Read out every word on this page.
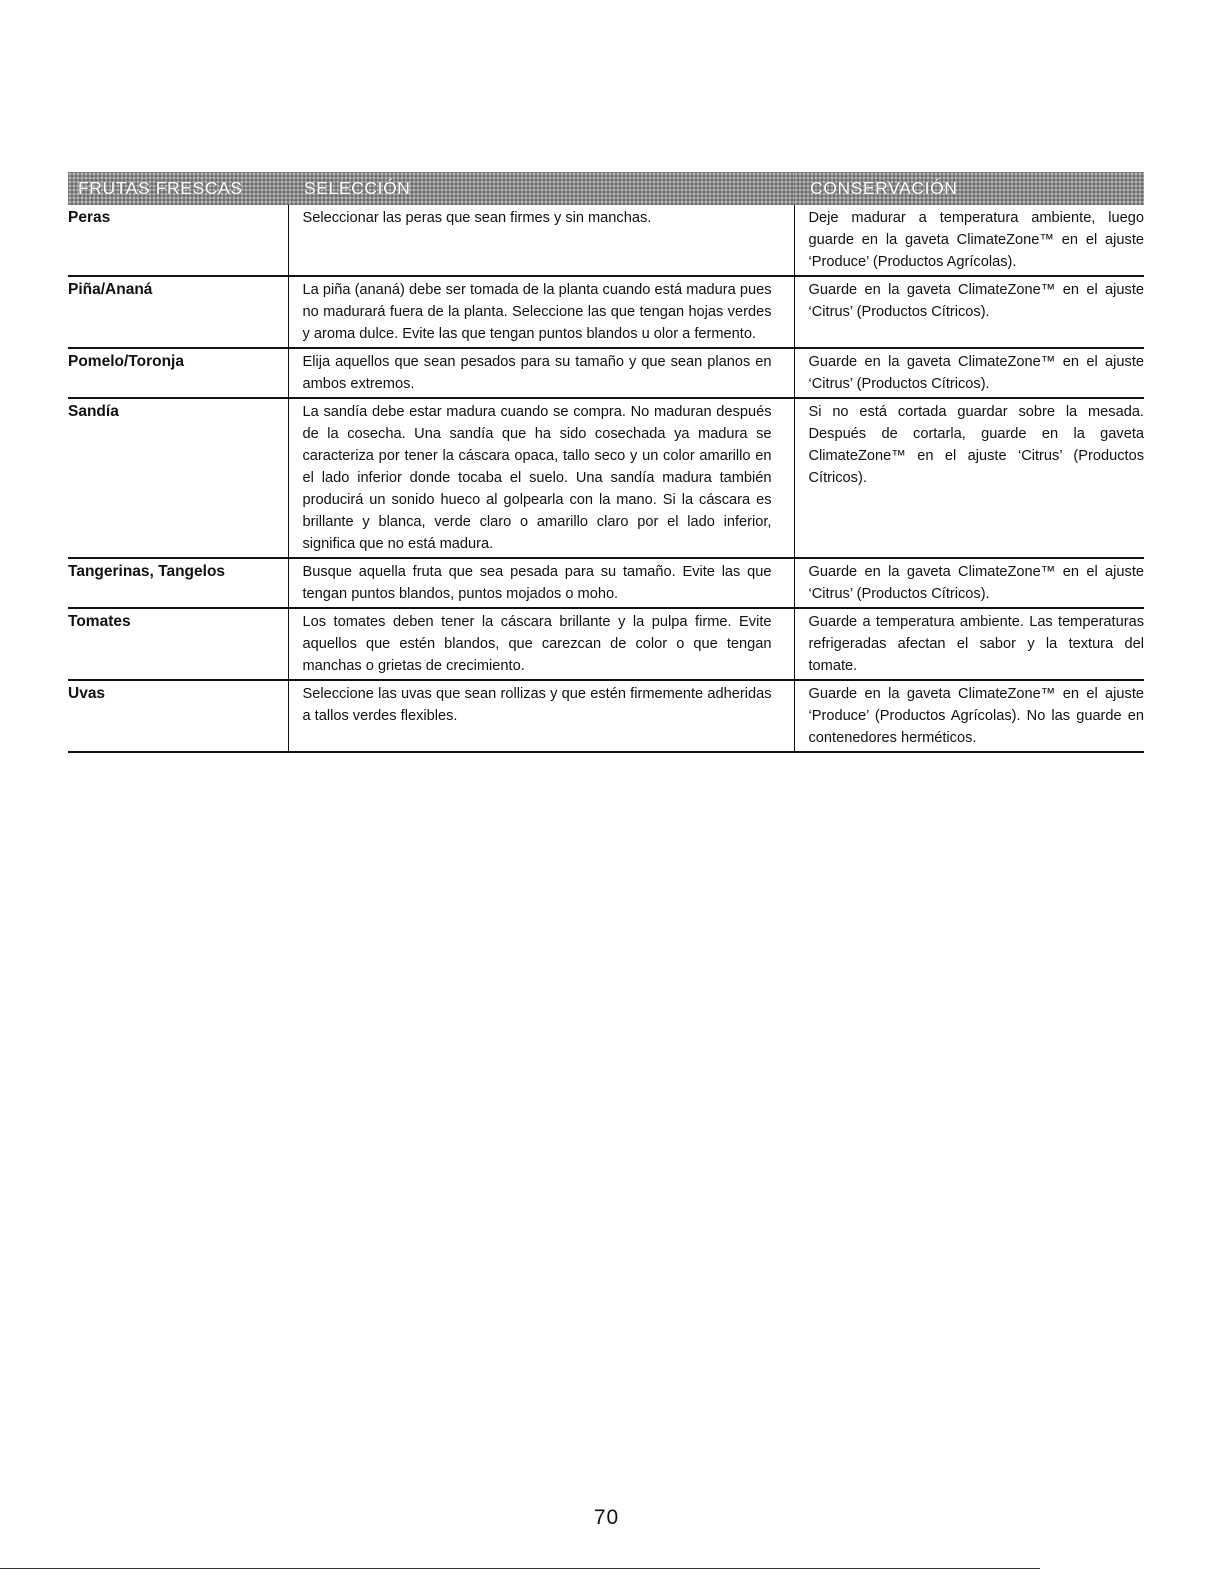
FRUTAS FRESCAS	SELECCIÓN	CONSERVACIÓN
Peras	Seleccionar las peras que sean firmes y sin manchas.	Deje madurar a temperatura ambiente, luego guarde en la gaveta ClimateZone™ en el ajuste ‘Produce’ (Productos Agrícolas).
Piña/Ananá	La piña (ananá) debe ser tomada de la planta cuando está madura pues no madurará fuera de la planta. Seleccione las que tengan hojas verdes y aroma dulce. Evite las que tengan puntos blandos u olor a fermento.	Guarde en la gaveta ClimateZone™ en el ajuste ‘Citrus’ (Productos Cítricos).
Pomelo/Toronja	Elija aquellos que sean pesados para su tamaño y que sean planos en ambos extremos.	Guarde en la gaveta ClimateZone™ en el ajuste ‘Citrus’ (Productos Cítricos).
Sandía	La sandía debe estar madura cuando se compra. No maduran después de la cosecha. Una sandía que ha sido cosechada ya madura se caracteriza por tener la cáscara opaca, tallo seco y un color amarillo en el lado inferior donde tocaba el suelo. Una sandía madura también producirá un sonido hueco al golpearla con la mano. Si la cáscara es brillante y blanca, verde claro o amarillo claro por el lado inferior, significa que no está madura.	Si no está cortada guardar sobre la mesada. Después de cortarla, guarde en la gaveta ClimateZone™ en el ajuste ‘Citrus’ (Productos Cítricos).
Tangerinas, Tangelos	Busque aquella fruta que sea pesada para su tamaño. Evite las que tengan puntos blandos, puntos mojados o moho.	Guarde en la gaveta ClimateZone™ en el ajuste ‘Citrus’ (Productos Cítricos).
Tomates	Los tomates deben tener la cáscara brillante y la pulpa firme. Evite aquellos que estén blandos, que carezcan de color o que tengan manchas o grietas de crecimiento.	Guarde a temperatura ambiente. Las temperaturas refrigeradas afectan el sabor y la textura del tomate.
Uvas	Seleccione las uvas que sean rollizas y que estén firmemente adheridas a tallos verdes flexibles.	Guarde en la gaveta ClimateZone™ en el ajuste ‘Produce’ (Productos Agrícolas). No las guarde en contenedores herméticos.
70
